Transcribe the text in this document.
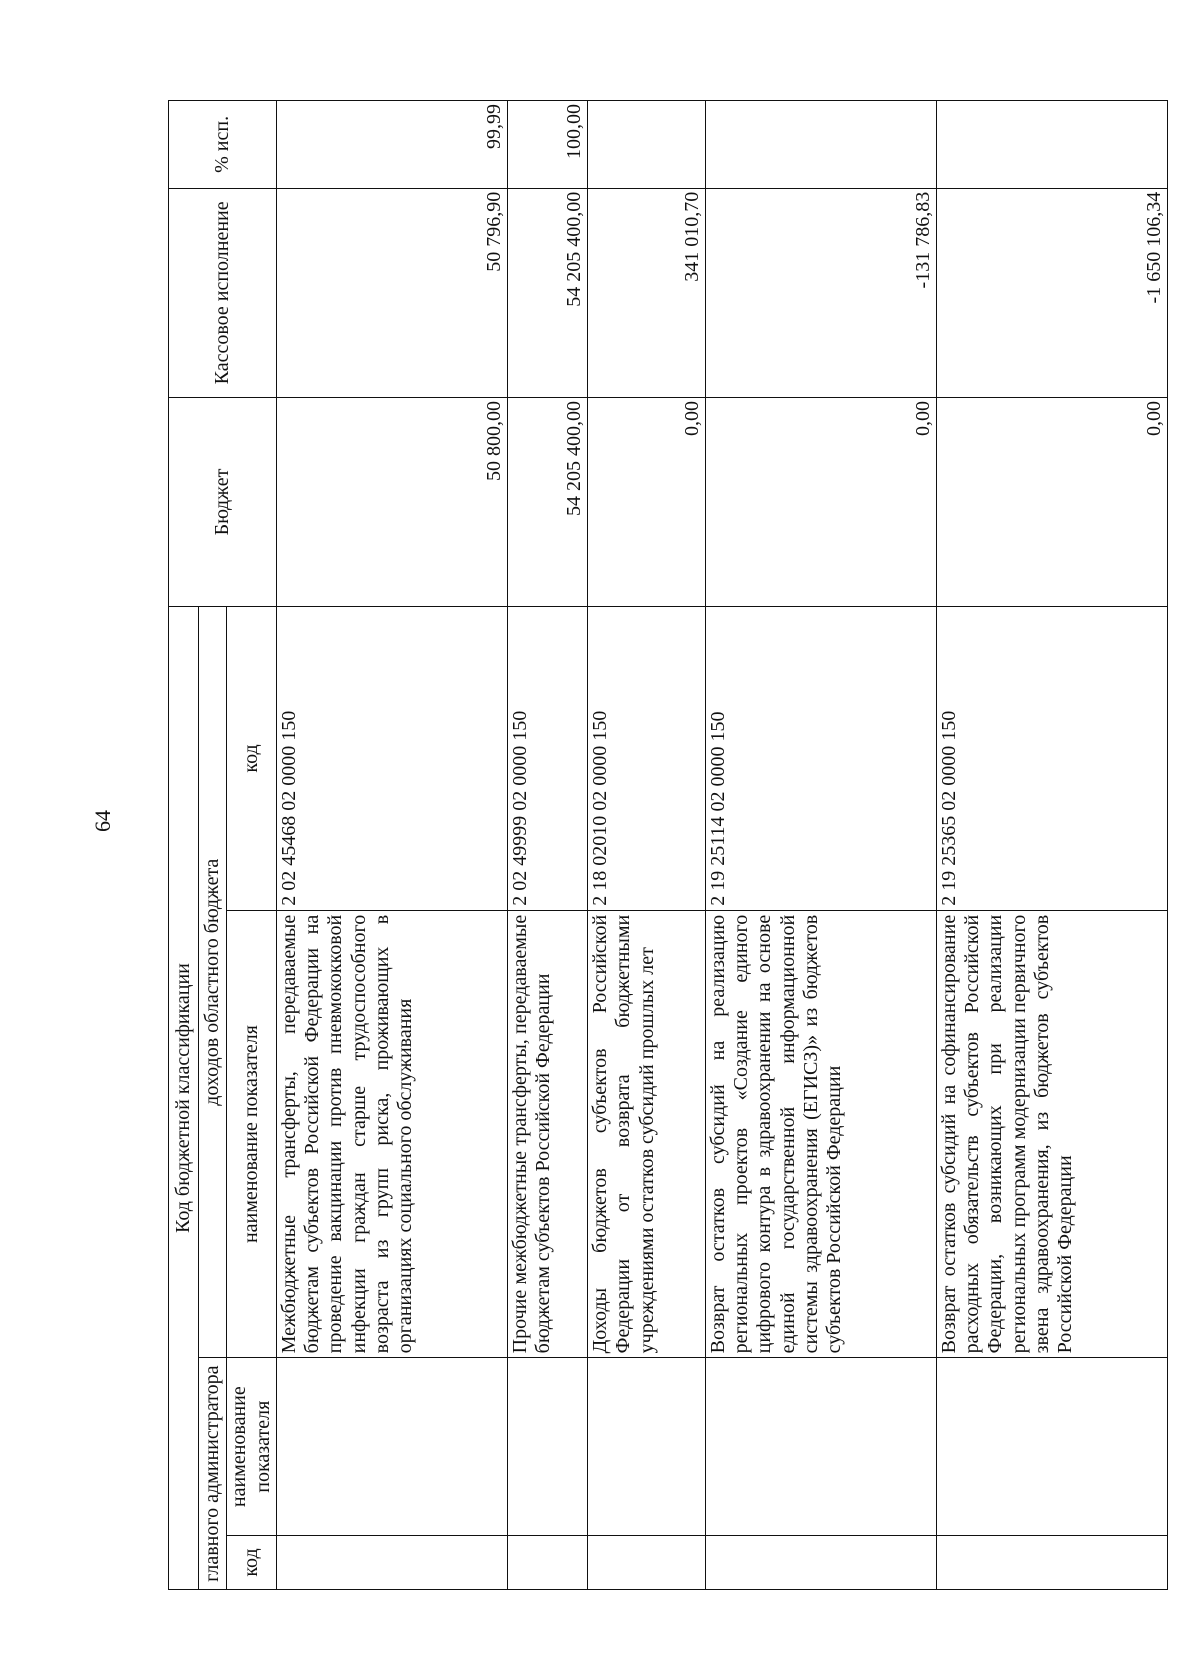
64
Код бюджетной классификации				Бюджет	Кассовое исполнение	% исп.
главного администратора		доходов областного бюджета				
код	наименование показателя	наименование показателя	код			
		Межбюджетные трансферты, передаваемые бюджетам субъектов Российской Федерации на проведение вакцинации против пневмококковой инфекции граждан старше трудоспособного возраста из групп риска, проживающих в организациях социального обслуживания	2 02 45468 02 0000 150	50 800,00	50 796,90	99,99
		Прочие межбюджетные трансферты, передаваемые бюджетам субъектов Российской Федерации	2 02 49999 02 0000 150	54 205 400,00	54 205 400,00	100,00
		Доходы бюджетов субъектов Российской Федерации от возврата бюджетными учреждениями остатков субсидий прошлых лет	2 18 02010 02 0000 150	0,00	341 010,70	
		Возврат остатков субсидий на реализацию региональных проектов «Создание единого цифрового контура в здравоохранении на основе единой государственной информационной системы здравоохранения (ЕГИСЗ)» из бюджетов субъектов Российской Федерации	2 19 25114 02 0000 150	0,00	-131 786,83	
		Возврат остатков субсидий на софинансирование расходных обязательств субъектов Российской Федерации, возникающих при реализации региональных программ модернизации первичного звена здравоохранения, из бюджетов субъектов Российской Федерации	2 19 25365 02 0000 150	0,00	-1 650 106,34	
